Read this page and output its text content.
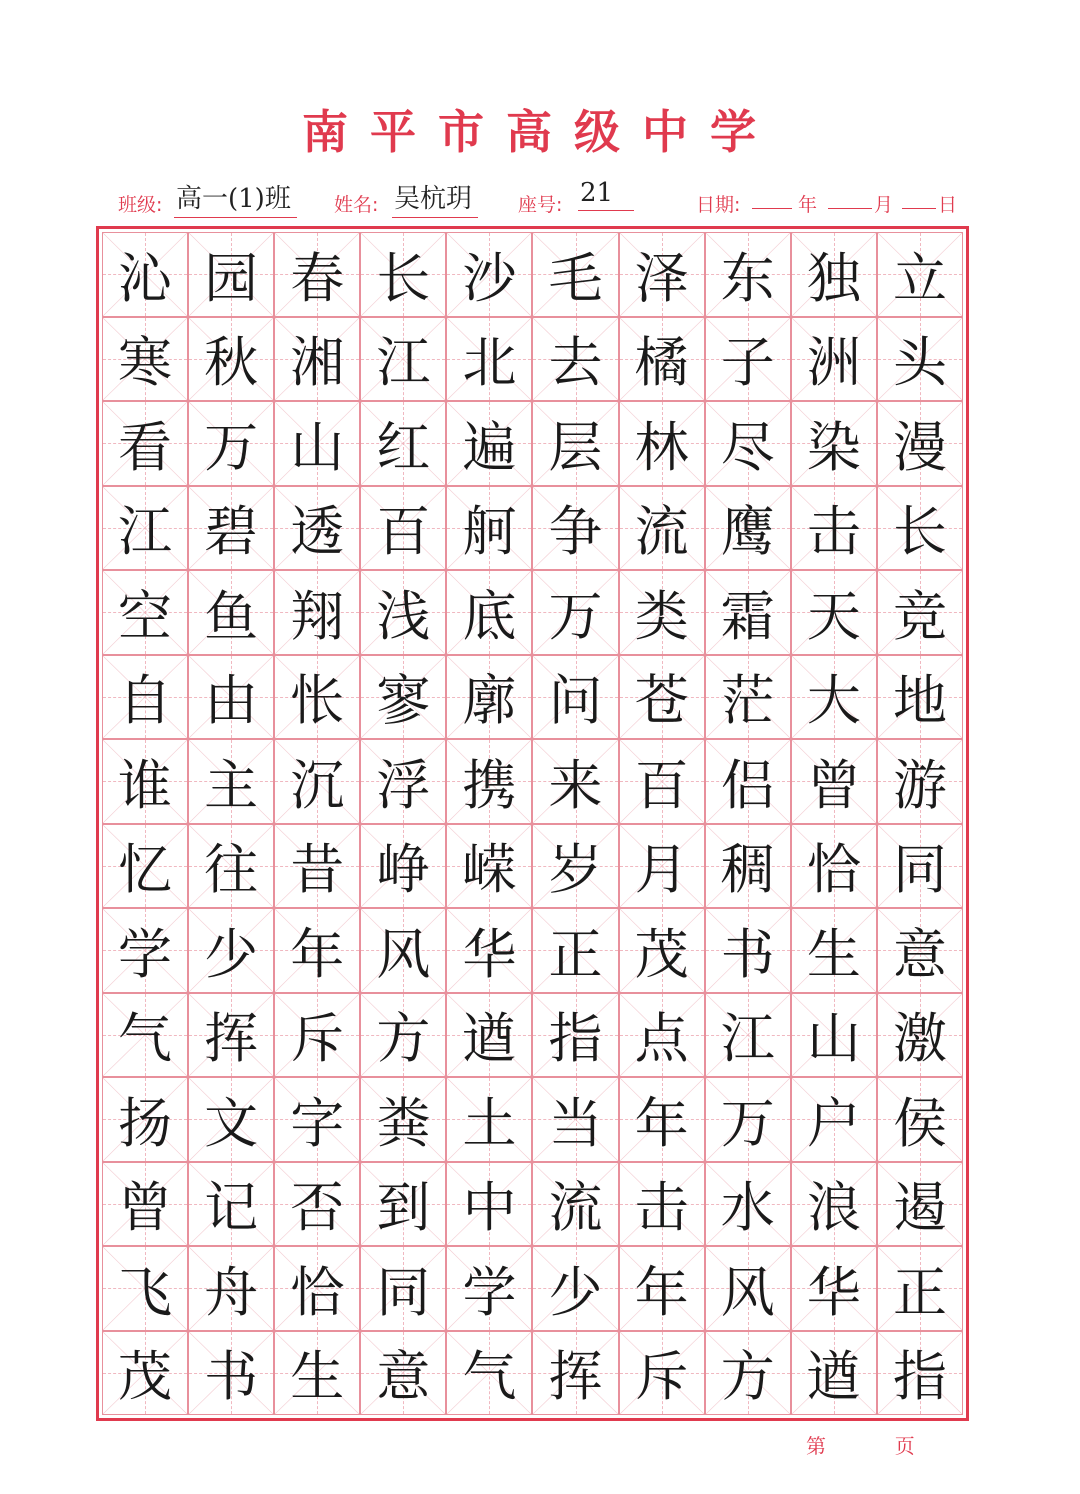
南平市高级中学
班级: 高一(1)班	姓名: 吴杭玥	座号: 21	日期:	年	月 日
沁 园 春 长 沙 毛 泽 东 独 立
寒 秋 湘 江 北 去 橘 子 洲 头
看 万 山 红 遍 层 林 尽 染 漫
江 碧 透 百 舸 争 流 鹰 击 长
空 鱼 翔 浅 底 万 类 霜 天 竞
自 由 怅 寥 廓 问 苍 茫 大 地
谁 主 沉 浮 携 来 百 侣 曾 游
忆 往 昔 峥 嵘 岁 月 稠 恰 同
学 少 年 风 华 正 茂 书 生 意
气 挥 斥 方 遒 指 点 江 山 激
扬 文 字 粪 土 当 年 万 户 侯
曾 记 否 到 中 流 击 水 浪 遏
飞 舟 恰 同 学 少 年 风 华 正
茂 书 生 意 气 挥 斥 方 遒 指
第	页
